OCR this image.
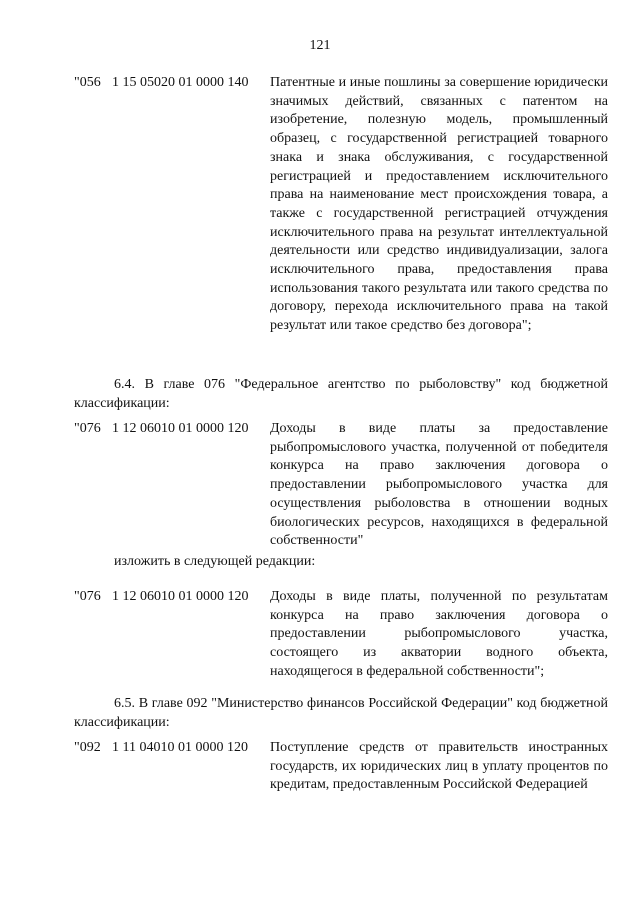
121
"056 1 15 05020 01 0000 140 Патентные и иные пошлины за совершение юридически значимых действий, связанных с патентом на изобретение, полезную модель, промышленный образец, с государственной регистрацией товарного знака и знака обслуживания, с государственной регистрацией и предоставлением исключительного права на наименование мест происхождения товара, а также с государственной регистрацией отчуждения исключительного права на результат интеллектуальной деятельности или средство индивидуализации, залога исключительного права, предоставления права использования такого результата или такого средства по договору, перехода исключительного права на такой результат или такое средство без договора";
6.4. В главе 076 "Федеральное агентство по рыболовству" код бюджетной классификации:
"076 1 12 06010 01 0000 120 Доходы в виде платы за предоставление рыбопромыслового участка, полученной от победителя конкурса на право заключения договора о предоставлении рыбопромыслового участка для осуществления рыболовства в отношении водных биологических ресурсов, находящихся в федеральной собственности"
изложить в следующей редакции:
"076 1 12 06010 01 0000 120 Доходы в виде платы, полученной по результатам конкурса на право заключения договора о предоставлении рыбопромыслового участка, состоящего из акватории водного объекта, находящегося в федеральной собственности";
6.5. В главе 092 "Министерство финансов Российской Федерации" код бюджетной классификации:
"092 1 11 04010 01 0000 120 Поступление средств от правительств иностранных государств, их юридических лиц в уплату процентов по кредитам, предоставленным Российской Федерацией
